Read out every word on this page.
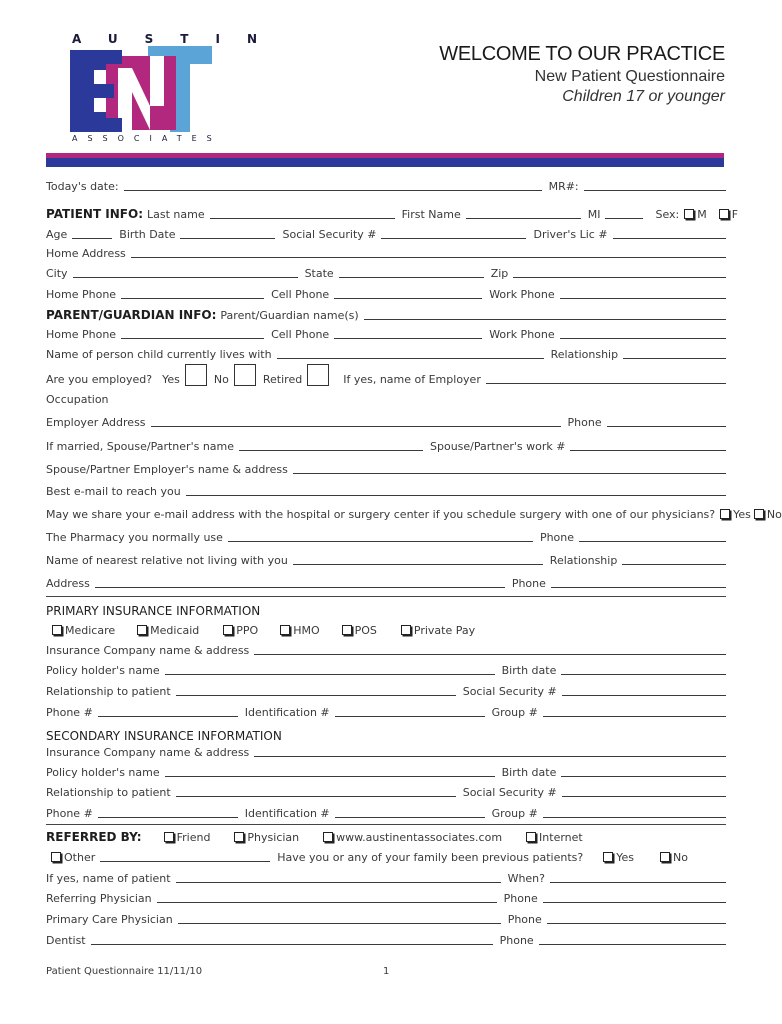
AUSTIN
ASSOCIATES
WELCOME TO OUR PRACTICE
New Patient Questionnaire
Children 17 or younger
Today's date:	MR#:
PATIENT INFO: Last name	First Name	MI	Sex:	M	F
Age	Birth Date	Social Security #	Driver's Lic #
Home Address
City	State	Zip
Home Phone	Cell Phone	Work Phone
PARENT/GUARDIAN INFO: Parent/Guardian name(s)
Home Phone	Cell Phone	Work Phone
Name of person child currently lives with	Relationship
Are you employed? Yes	No	Retired	If yes, name of Employer
Occupation
Employer Address	Phone
If married, Spouse/Partner's name	Spouse/Partner's work #
Spouse/Partner Employer's name & address
Best e-mail to reach you
May we share your e-mail address with the hospital or surgery center if you schedule surgery with one of our physicians?	Yes No
The Pharmacy you normally use	Phone
Name of nearest relative not living with you	Relationship
Address	Phone
PRIMARY INSURANCE INFORMATION
Medicare	Medicaid	PPO	HMO	POS	Private Pay
Insurance Company name & address
Policy holder's name	Birth date
Relationship to patient	Social Security #
Phone #	Identification #	Group #
SECONDARY INSURANCE INFORMATION
Insurance Company name & address
Policy holder's name	Birth date
Relationship to patient	Social Security #
Phone #	Identification #	Group #
REFERRED BY:	Friend	Physician	www.austinentassociates.com	Internet
Other	Have you or any of your family been previous patients?	Yes	No
If yes, name of patient	When?
Referring Physician	Phone
Primary Care Physician	Phone
Dentist	Phone
Patient Questionnaire 11/11/10	1
